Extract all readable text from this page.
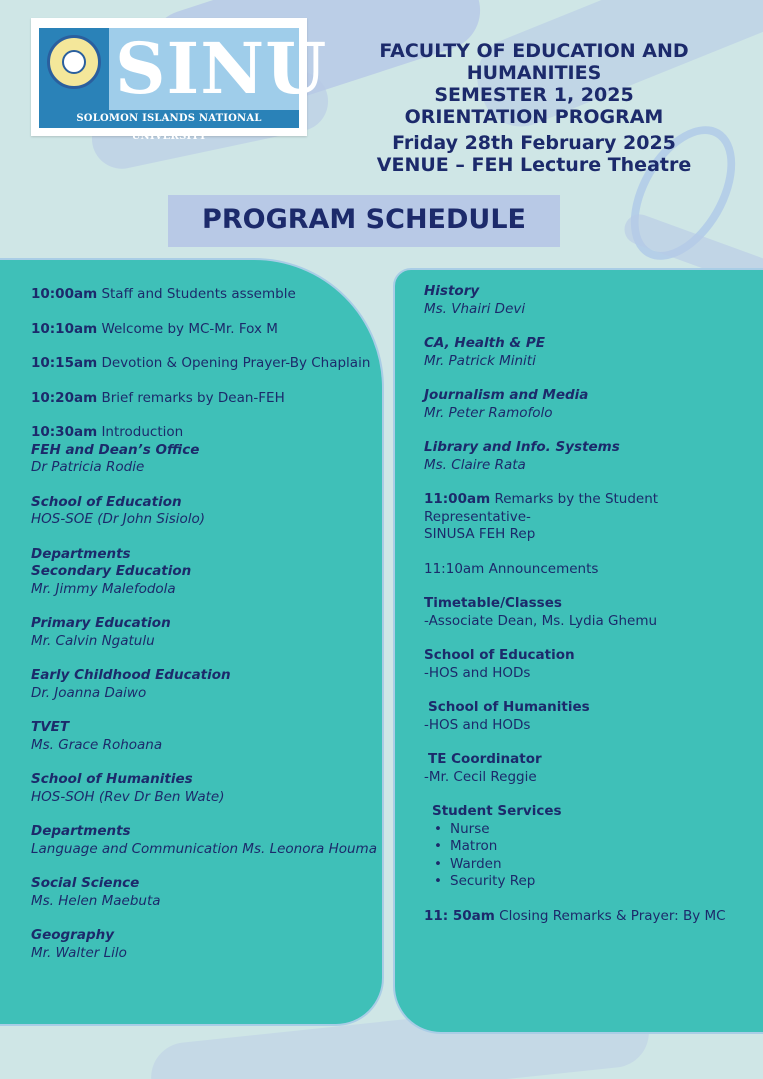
SINU
SOLOMON ISLANDS NATIONAL UNIVERSITY
FACULTY OF EDUCATION AND HUMANITIES
SEMESTER 1, 2025
ORIENTATION PROGRAM
Friday 28th February 2025
VENUE – FEH Lecture Theatre
PROGRAM SCHEDULE
10:00am Staff and Students assemble
10:10am Welcome by MC-Mr. Fox M
10:15am Devotion & Opening Prayer-By Chaplain
10:20am Brief remarks by Dean-FEH
10:30am Introduction
FEH and Dean’s Office
Dr Patricia Rodie
School of Education
HOS-SOE (Dr John Sisiolo)
Departments
Secondary Education
Mr. Jimmy Malefodola
Primary Education
Mr. Calvin Ngatulu
Early Childhood Education
Dr. Joanna Daiwo
TVET
Ms. Grace Rohoana
School of Humanities
HOS-SOH (Rev Dr Ben Wate)
Departments
Language and Communication Ms. Leonora Houma
Social Science
Ms. Helen Maebuta
Geography
Mr. Walter Lilo
History
Ms. Vhairi Devi
CA, Health & PE
Mr. Patrick Miniti
Journalism and Media
Mr. Peter Ramofolo
Library and Info. Systems
Ms. Claire Rata
11:00am Remarks by the Student Representative-
SINUSA FEH Rep
11:10am Announcements
Timetable/Classes
-Associate Dean, Ms. Lydia Ghemu
School of Education
-HOS and HODs
School of Humanities
-HOS and HODs
TE Coordinator
-Mr. Cecil Reggie
Student Services
• Nurse
• Matron
• Warden
• Security Rep
11: 50am Closing Remarks & Prayer: By MC
